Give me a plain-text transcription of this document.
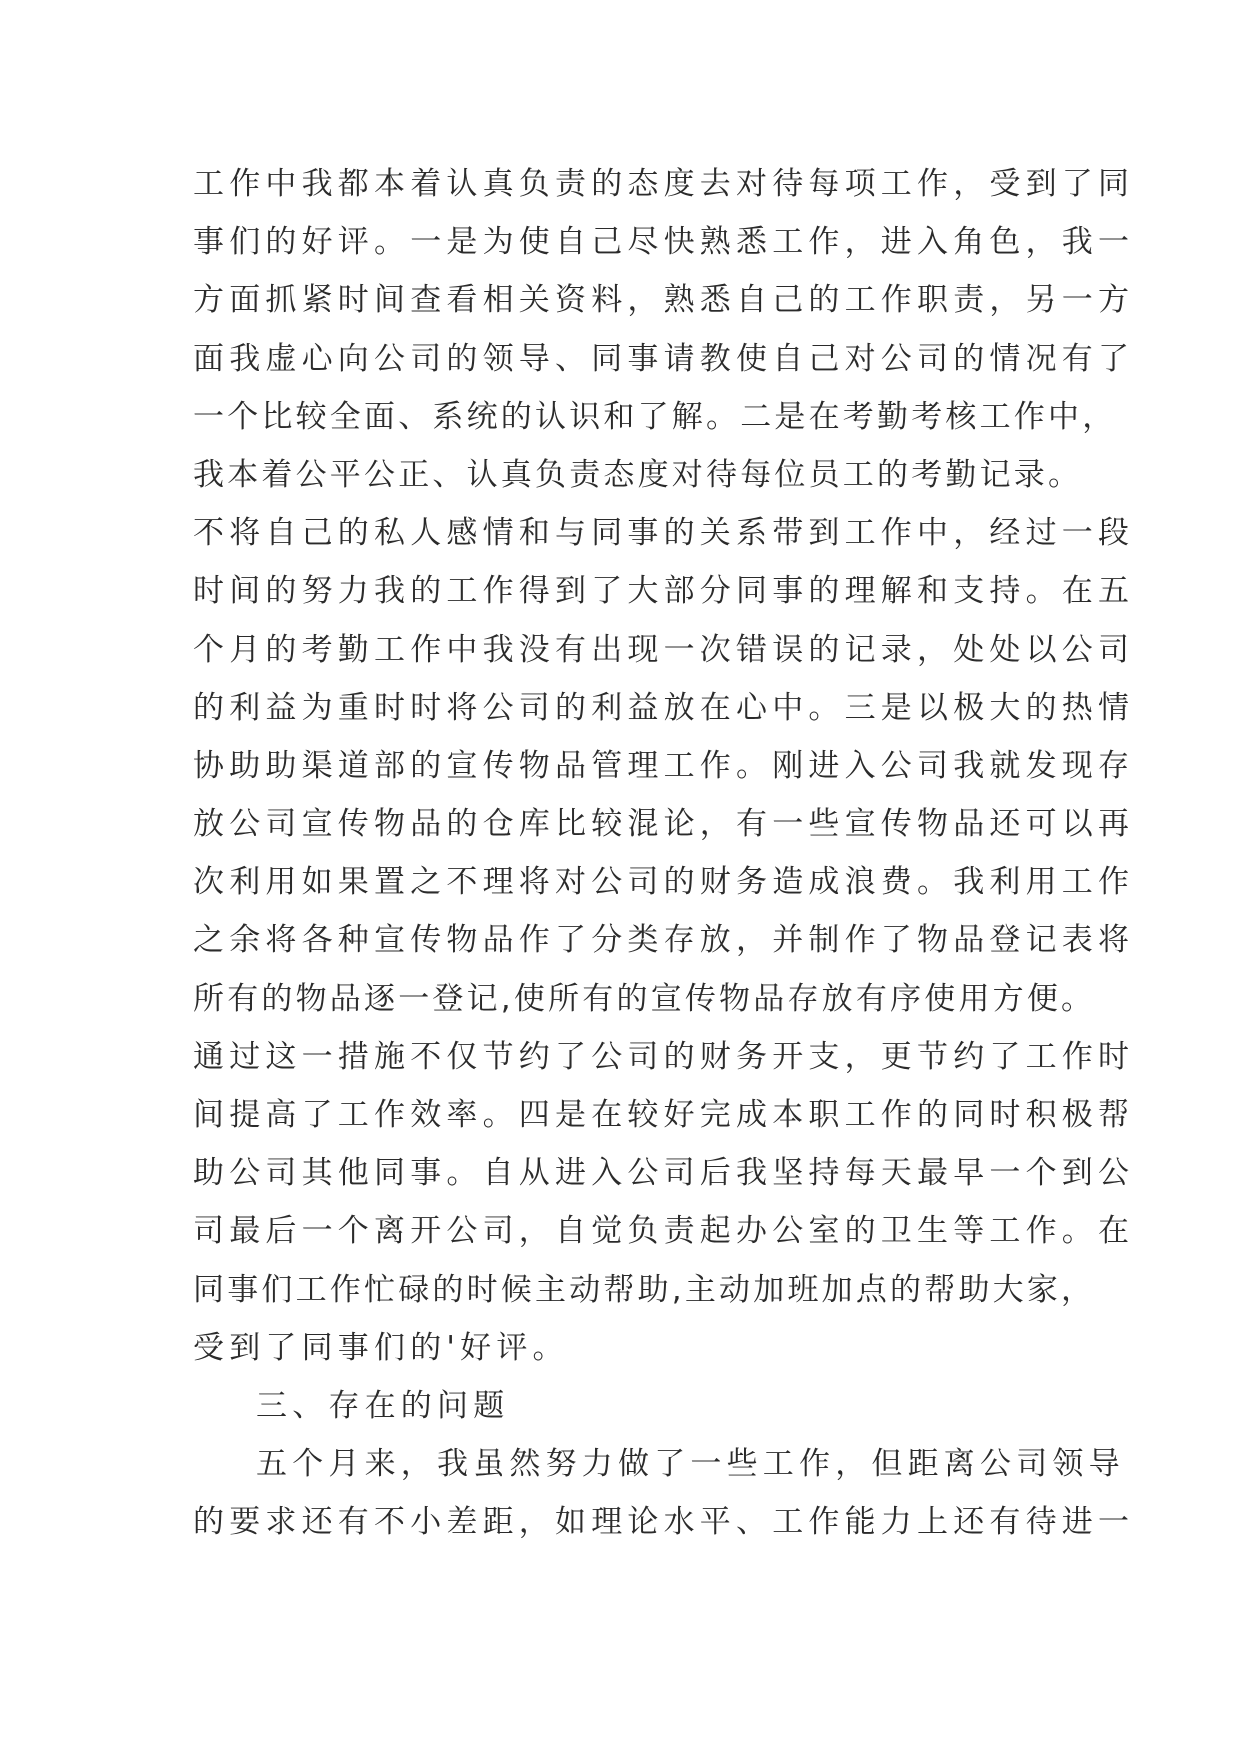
工作中我都本着认真负责的态度去对待每项工作，受到了同
事们的好评。一是为使自己尽快熟悉工作，进入角色，我一
方面抓紧时间查看相关资料，熟悉自己的工作职责，另一方
面我虚心向公司的领导、同事请教使自己对公司的情况有了
一个比较全面、系统的认识和了解。二是在考勤考核工作中，
我本着公平公正、认真负责态度对待每位员工的考勤记录。
不将自己的私人感情和与同事的关系带到工作中，经过一段
时间的努力我的工作得到了大部分同事的理解和支持。在五
个月的考勤工作中我没有出现一次错误的记录，处处以公司
的利益为重时时将公司的利益放在心中。三是以极大的热情
协助助渠道部的宣传物品管理工作。刚进入公司我就发现存
放公司宣传物品的仓库比较混论，有一些宣传物品还可以再
次利用如果置之不理将对公司的财务造成浪费。我利用工作
之余将各种宣传物品作了分类存放，并制作了物品登记表将
所有的物品逐一登记,使所有的宣传物品存放有序使用方便。
通过这一措施不仅节约了公司的财务开支，更节约了工作时
间提高了工作效率。四是在较好完成本职工作的同时积极帮
助公司其他同事。自从进入公司后我坚持每天最早一个到公
司最后一个离开公司，自觉负责起办公室的卫生等工作。在
同事们工作忙碌的时候主动帮助,主动加班加点的帮助大家，
受到了同事们的'好评。
三、存在的问题
五个月来，我虽然努力做了一些工作，但距离公司领导
的要求还有不小差距，如理论水平、工作能力上还有待进一
